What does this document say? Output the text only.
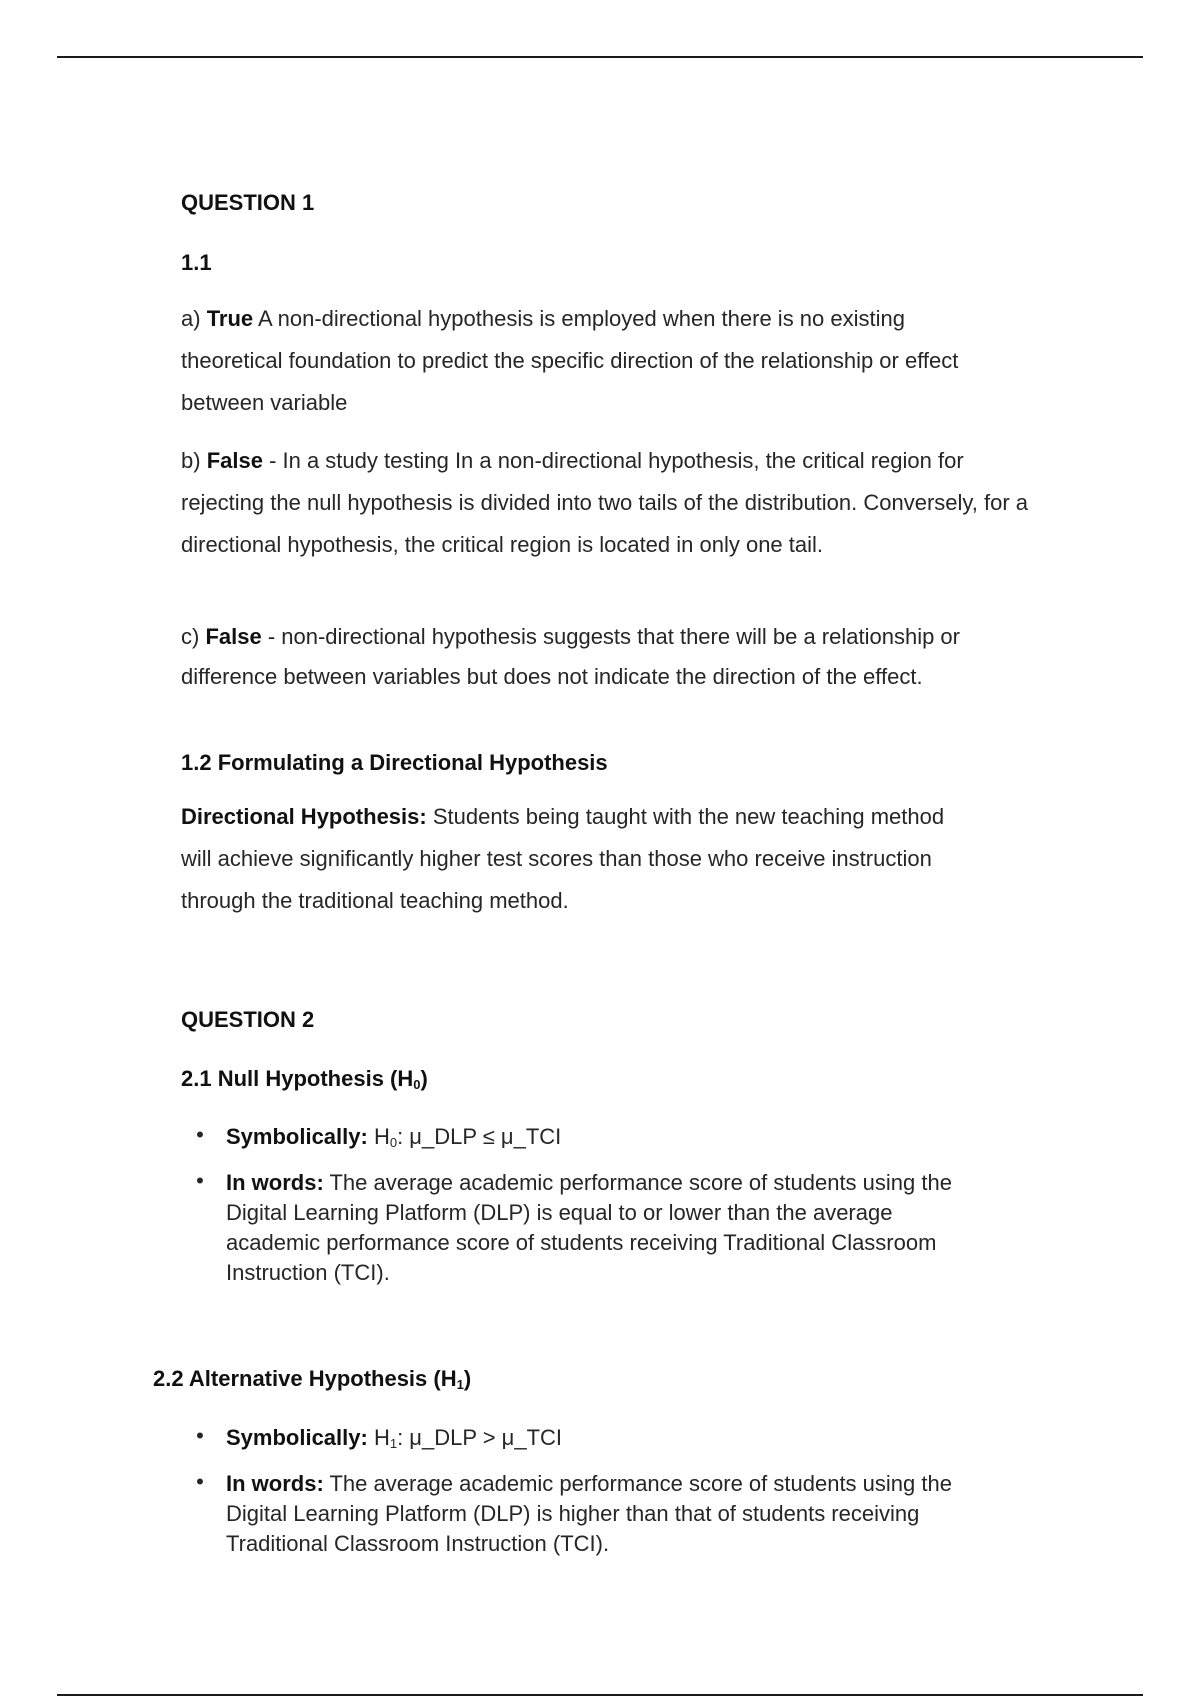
QUESTION 1
1.1
a) True A non-directional hypothesis is employed when there is no existing theoretical foundation to predict the specific direction of the relationship or effect between variable
b) False - In a study testing In a non-directional hypothesis, the critical region for rejecting the null hypothesis is divided into two tails of the distribution. Conversely, for a directional hypothesis, the critical region is located in only one tail.
c) False - non-directional hypothesis suggests that there will be a relationship or difference between variables but does not indicate the direction of the effect.
1.2 Formulating a Directional Hypothesis
Directional Hypothesis: Students being taught with the new teaching method will achieve significantly higher test scores than those who receive instruction through the traditional teaching method.
QUESTION 2
2.1 Null Hypothesis $(H_0)$
• Symbolically: $H_0$: μ_DLP ≤ μ_TCI
• In words: The average academic performance score of students using the Digital Learning Platform (DLP) is equal to or lower than the average academic performance score of students receiving Traditional Classroom Instruction (TCI).
2.2 Alternative Hypothesis $(H_1)$
• Symbolically: $H_1$: μ_DLP > μ_TCI
• In words: The average academic performance score of students using the Digital Learning Platform (DLP) is higher than that of students receiving Traditional Classroom Instruction (TCI).
